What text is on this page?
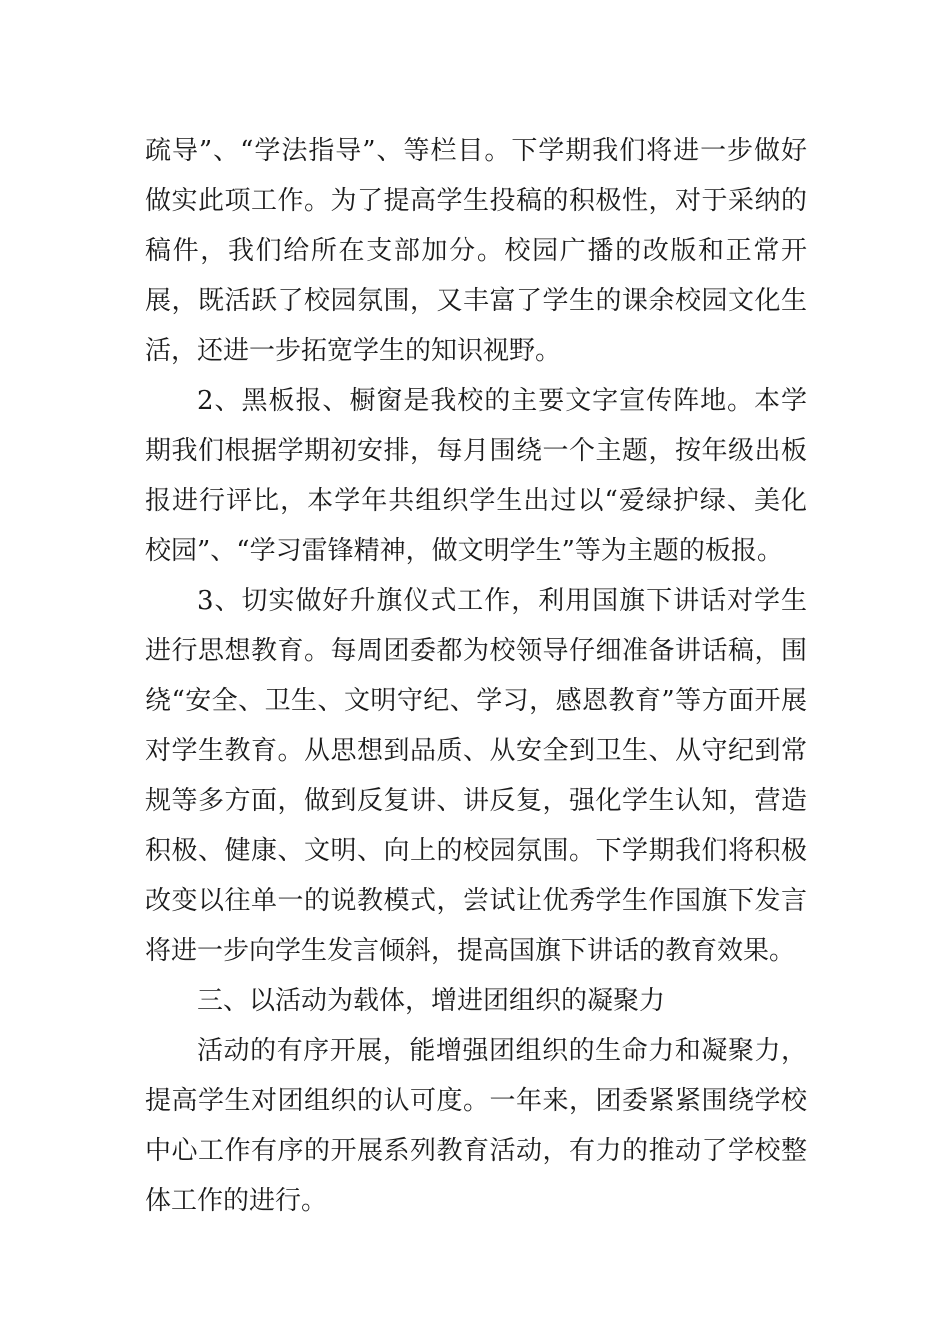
疏导”、“学法指导”、等栏目。下学期我们将进一步做好做实此项工作。为了提高学生投稿的积极性，对于采纳的稿件，我们给所在支部加分。校园广播的改版和正常开展，既活跃了校园氛围，又丰富了学生的课余校园文化生活，还进一步拓宽学生的知识视野。

2、黑板报、橱窗是我校的主要文字宣传阵地。本学期我们根据学期初安排，每月围绕一个主题，按年级出板报进行评比，本学年共组织学生出过以“爱绿护绿、美化校园”、“学习雷锋精神，做文明学生”等为主题的板报。

3、切实做好升旗仪式工作，利用国旗下讲话对学生进行思想教育。每周团委都为校领导仔细准备讲话稿，围绕“安全、卫生、文明守纪、学习，感恩教育”等方面开展对学生教育。从思想到品质、从安全到卫生、从守纪到常规等多方面，做到反复讲、讲反复，强化学生认知，营造积极、健康、文明、向上的校园氛围。下学期我们将积极改变以往单一的说教模式，尝试让优秀学生作国旗下发言将进一步向学生发言倾斜，提高国旗下讲话的教育效果。

三、以活动为载体，增进团组织的凝聚力

活动的有序开展，能增强团组织的生命力和凝聚力，提高学生对团组织的认可度。一年来，团委紧紧围绕学校中心工作有序的开展系列教育活动，有力的推动了学校整体工作的进行。
